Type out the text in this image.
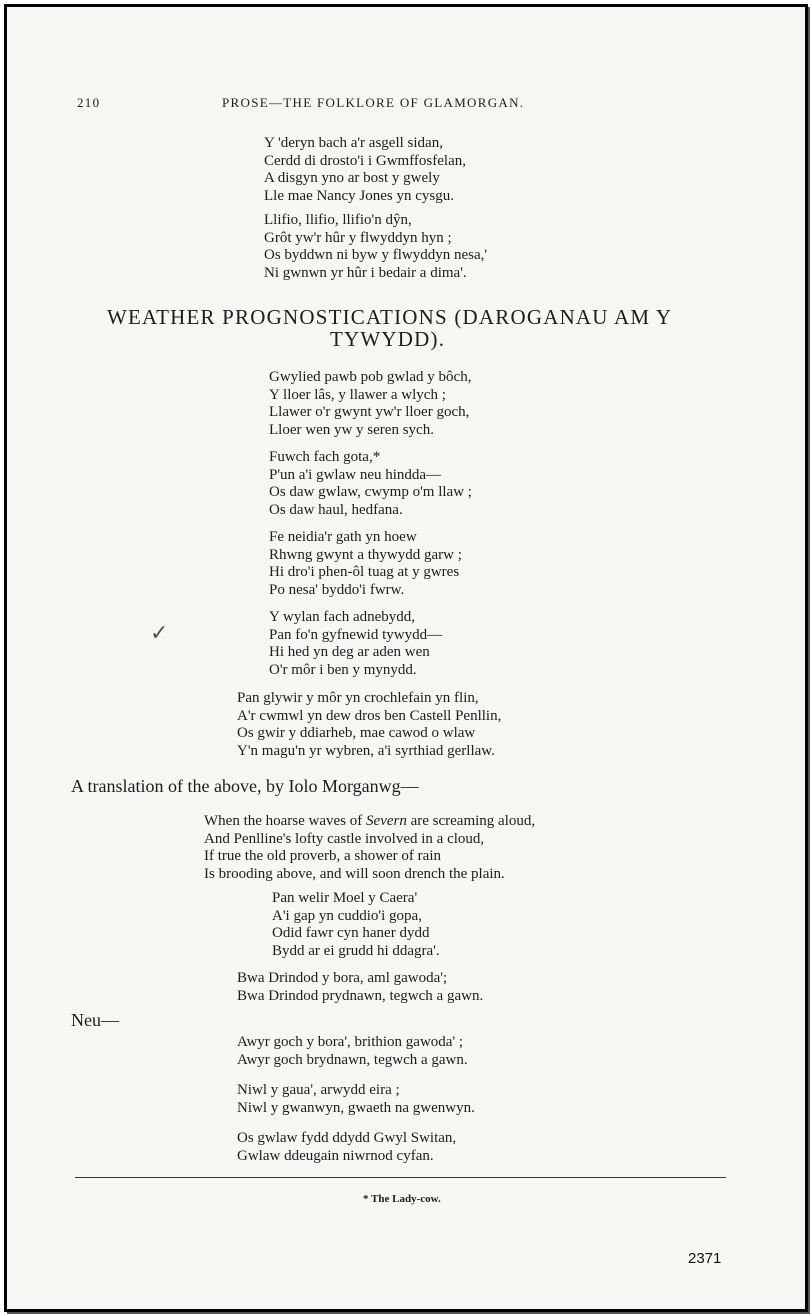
210	PROSE—THE FOLKLORE OF GLAMORGAN.
Y 'deryn bach a'r asgell sidan,
Cerdd di drosto'i i Gwmffosfelan,
A disgyn yno ar bost y gwely
Lle mae Nancy Jones yn cysgu.
Llifio, llifio, llifio'n dŷn,
Grôt yw'r hûr y flwyddyn hyn ;
Os byddwn ni byw y flwyddyn nesa,'
Ni gwnwn yr hûr i bedair a dima'.
WEATHER PROGNOSTICATIONS (DAROGANAU AM Y
TYWYDD).
Gwylied pawb pob gwlad y bôch,
Y lloer lâs, y llawer a wlych ;
Llawer o'r gwynt yw'r lloer goch,
Lloer wen yw y seren sych.
Fuwch fach gota,*
P'un a'i gwlaw neu hindda—
Os daw gwlaw, cwymp o'm llaw ;
Os daw haul, hedfana.
Fe neidia'r gath yn hoew
Rhwng gwynt a thywydd garw ;
Hi dro'i phen-ôl tuag at y gwres
Po nesa' byddo'i fwrw.
Y wylan fach adnebydd,
Pan fo'n gyfnewid tywydd—
Hi hed yn deg ar aden wen
O'r môr i ben y mynydd.
✓
Pan glywir y môr yn crochlefain yn flin,
A'r cwmwl yn dew dros ben Castell Penllin,
Os gwir y ddiarheb, mae cawod o wlaw
Y'n magu'n yr wybren, a'i syrthiad gerllaw.
A translation of the above, by Iolo Morganwg—
When the hoarse waves of Severn are screaming aloud,
And Penlline's lofty castle involved in a cloud,
If true the old proverb, a shower of rain
Is brooding above, and will soon drench the plain.
Pan welir Moel y Caera'
A'i gap yn cuddio'i gopa,
Odid fawr cyn haner dydd
Bydd ar ei grudd hi ddagra'.
Bwa Drindod y bora, aml gawoda';
Bwa Drindod prydnawn, tegwch a gawn.
Neu—
Awyr goch y bora', brithion gawoda' ;
Awyr goch brydnawn, tegwch a gawn.
Niwl y gaua', arwydd eira ;
Niwl y gwanwyn, gwaeth na gwenwyn.
Os gwlaw fydd ddydd Gwyl Switan,
Gwlaw ddeugain niwrnod cyfan.
* The Lady-cow.
2371
